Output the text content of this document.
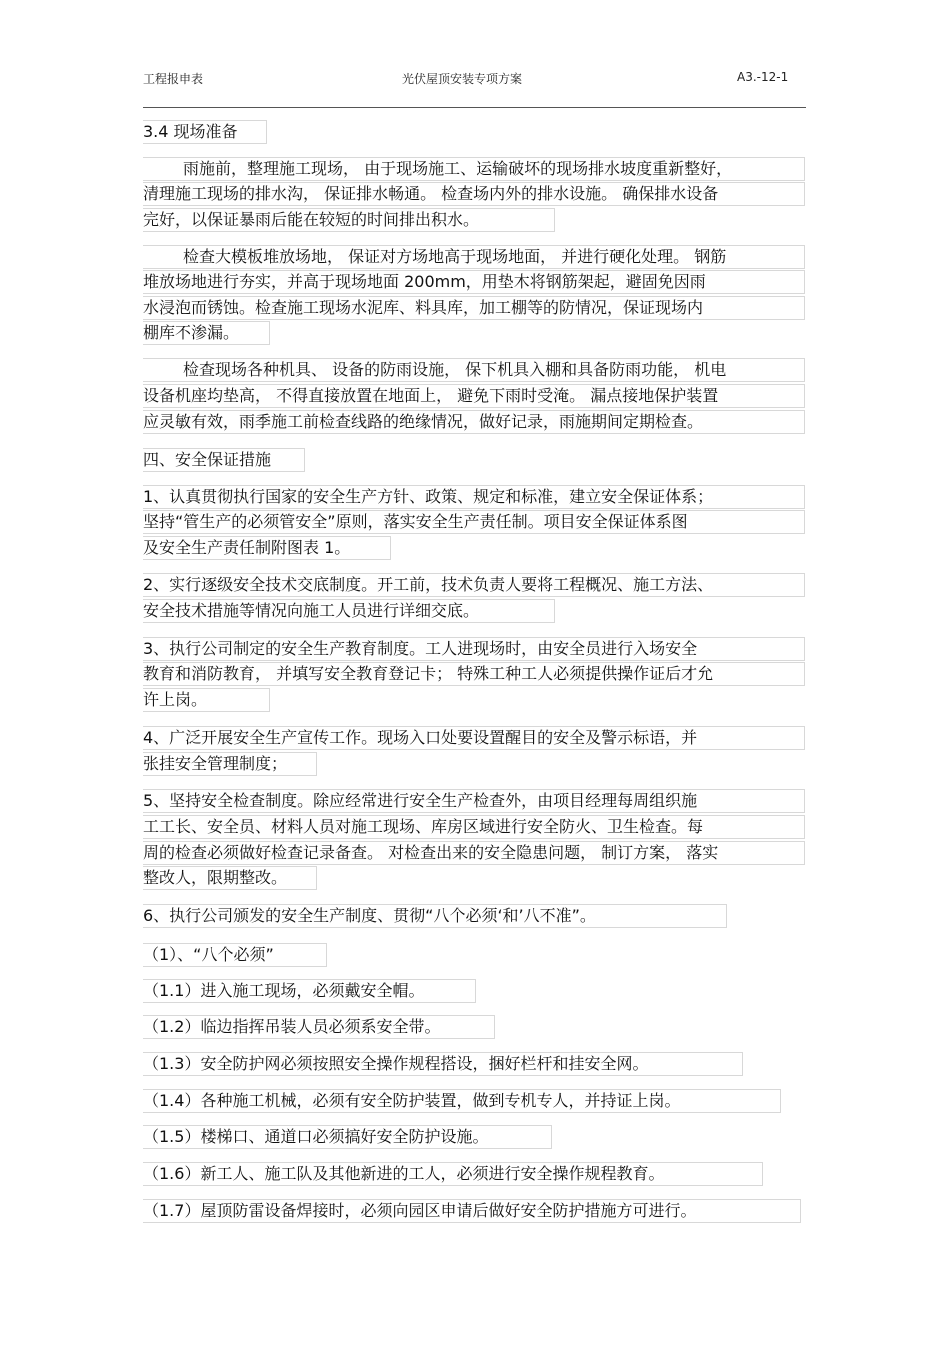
工程报申表	光伏屋顶安装专项方案	A3.-12-1
3.4 现场准备
雨施前，整理施工现场， 由于现场施工、运输破坏的现场排水坡度重新整好，
清理施工现场的排水沟， 保证排水畅通。 检查场内外的排水设施。 确保排水设备
完好，以保证暴雨后能在较短的时间排出积水。
检查大模板堆放场地， 保证对方场地高于现场地面， 并进行硬化处理。 钢筋
堆放场地进行夯实，并高于现场地面 200mm，用垫木将钢筋架起，避固免因雨
水浸泡而锈蚀。检查施工现场水泥库、料具库，加工棚等的防情况，保证现场内
棚库不渗漏。
检查现场各种机具、 设备的防雨设施， 保下机具入棚和具备防雨功能， 机电
设备机座均垫高， 不得直接放置在地面上， 避免下雨时受淹。 漏点接地保护装置
应灵敏有效，雨季施工前检查线路的绝缘情况，做好记录，雨施期间定期检查。
四、安全保证措施
1、认真贯彻执行国家的安全生产方针、政策、规定和标准，建立安全保证体系；
坚持“管生产的必须管安全”原则，落实安全生产责任制。项目安全保证体系图
及安全生产责任制附图表 1。
2、实行逐级安全技术交底制度。开工前，技术负责人要将工程概况、施工方法、
安全技术措施等情况向施工人员进行详细交底。
3、执行公司制定的安全生产教育制度。工人进现场时，由安全员进行入场安全
教育和消防教育， 并填写安全教育登记卡； 特殊工种工人必须提供操作证后才允
许上岗。
4、广泛开展安全生产宣传工作。现场入口处要设置醒目的安全及警示标语，并
张挂安全管理制度；
5、坚持安全检查制度。除应经常进行安全生产检查外，由项目经理每周组织施
工工长、安全员、材料人员对施工现场、库房区域进行安全防火、卫生检查。每
周的检查必须做好检查记录备查。 对检查出来的安全隐患问题， 制订方案， 落实
整改人，限期整改。
6、执行公司颁发的安全生产制度、贯彻“八个必须‘和’八不准”。
（1）、“八个必须”
（1.1）进入施工现场，必须戴安全帽。
（1.2）临边指挥吊装人员必须系安全带。
（1.3）安全防护网必须按照安全操作规程搭设，捆好栏杆和挂安全网。
（1.4）各种施工机械，必须有安全防护装置，做到专机专人，并持证上岗。
（1.5）楼梯口、通道口必须搞好安全防护设施。
（1.6）新工人、施工队及其他新进的工人，必须进行安全操作规程教育。
（1.7）屋顶防雷设备焊接时，必须向园区申请后做好安全防护措施方可进行。
